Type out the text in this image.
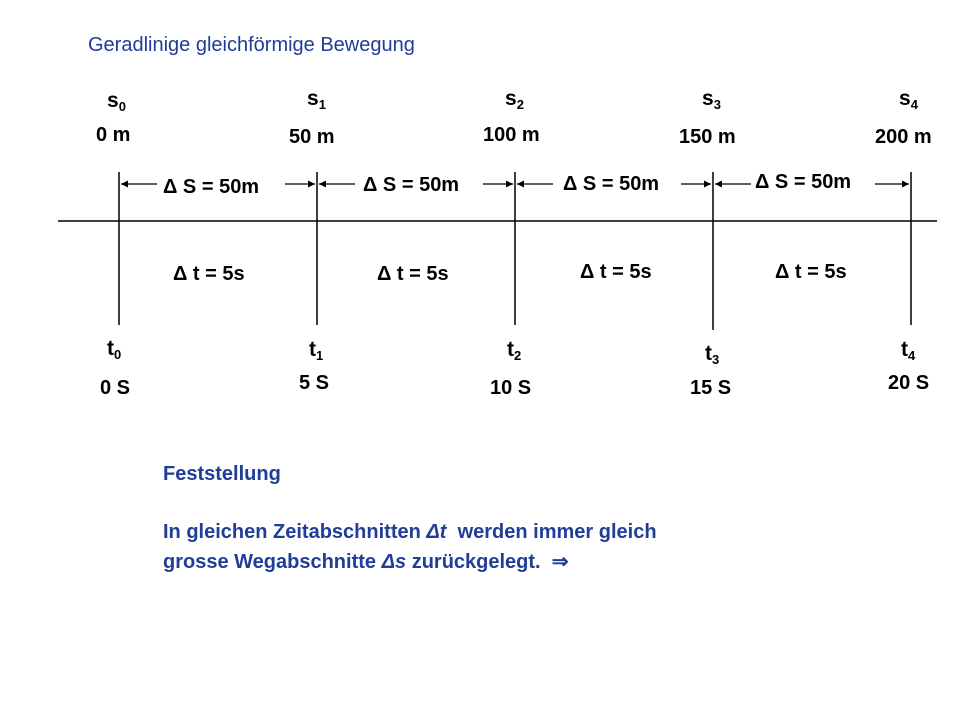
Geradlinige gleichförmige Bewegung
$s_0$	$s_1$	$s_2$	$s_3$	$s_4$
0 m	50 m	100 m	150 m	200 m
Δ S = 50m	Δ S = 50m	Δ S = 50m	Δ S = 50m
Δ t = 5s	Δ t = 5s	Δ t = 5s	Δ t = 5s
$t_0$	$t_1$	$t_2$	$t_3$	$t_4$
0 S	5 S	10 S	15 S	20 S
Feststellung
In gleichen Zeitabschnitten Δt  werden immer gleich
grosse Wegabschnitte Δs zurückgelegt.  ⇒
